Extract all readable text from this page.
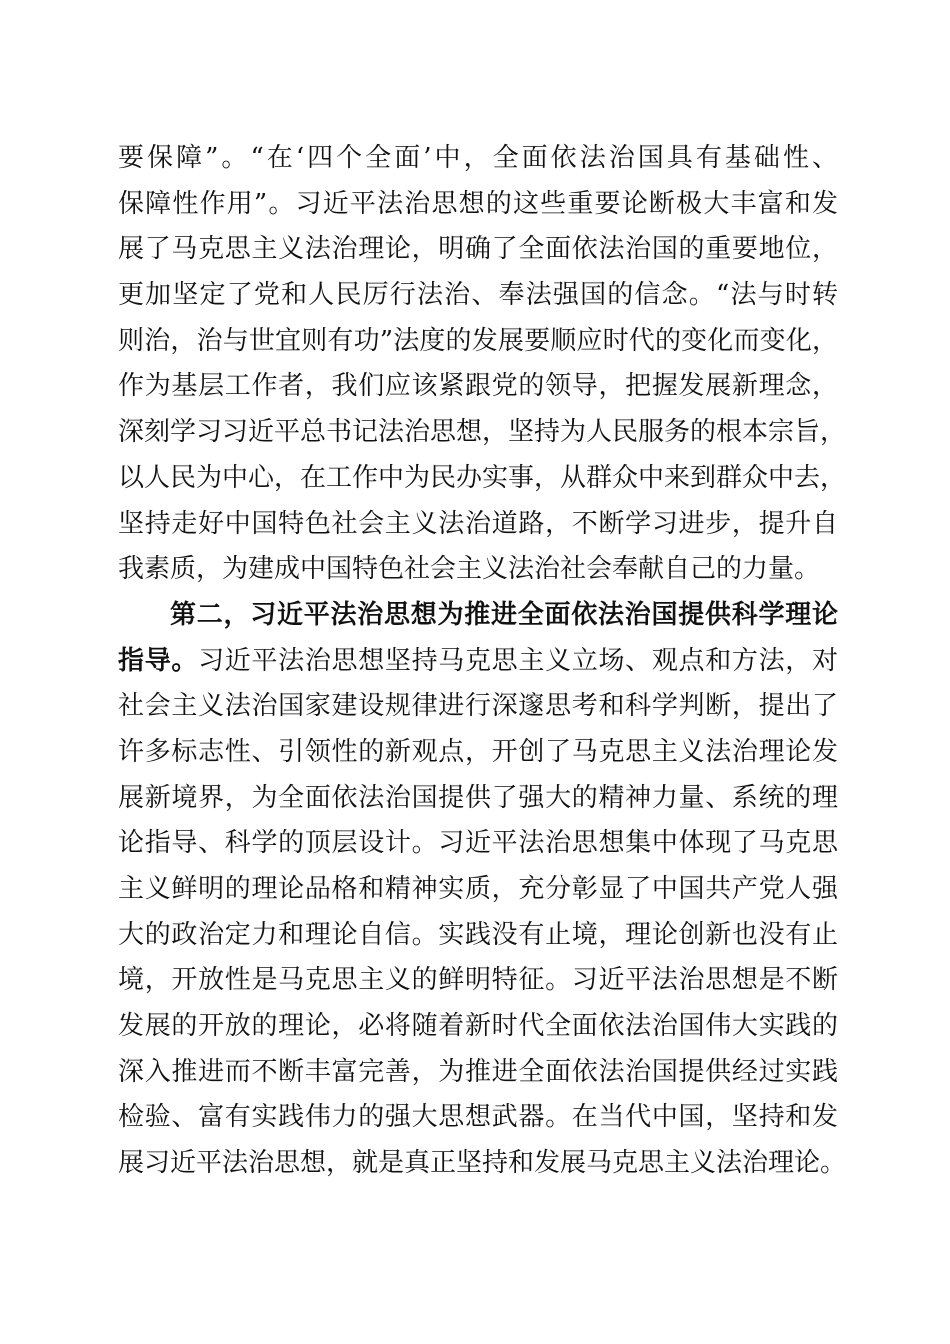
要保障”。“在‘四个全面’中，全面依法治国具有基础性、
保障性作用”。习近平法治思想的这些重要论断极大丰富和发
展了马克思主义法治理论，明确了全面依法治国的重要地位，
更加坚定了党和人民厉行法治、奉法强国的信念。“法与时转
则治，治与世宜则有功”法度的发展要顺应时代的变化而变化，
作为基层工作者，我们应该紧跟党的领导，把握发展新理念，
深刻学习习近平总书记法治思想，坚持为人民服务的根本宗旨，
以人民为中心，在工作中为民办实事，从群众中来到群众中去，
坚持走好中国特色社会主义法治道路，不断学习进步，提升自
我素质，为建成中国特色社会主义法治社会奉献自己的力量。
第二，习近平法治思想为推进全面依法治国提供科学理论
指导。习近平法治思想坚持马克思主义立场、观点和方法，对
社会主义法治国家建设规律进行深邃思考和科学判断，提出了
许多标志性、引领性的新观点，开创了马克思主义法治理论发
展新境界，为全面依法治国提供了强大的精神力量、系统的理
论指导、科学的顶层设计。习近平法治思想集中体现了马克思
主义鲜明的理论品格和精神实质，充分彰显了中国共产党人强
大的政治定力和理论自信。实践没有止境，理论创新也没有止
境，开放性是马克思主义的鲜明特征。习近平法治思想是不断
发展的开放的理论，必将随着新时代全面依法治国伟大实践的
深入推进而不断丰富完善，为推进全面依法治国提供经过实践
检验、富有实践伟力的强大思想武器。在当代中国，坚持和发
展习近平法治思想，就是真正坚持和发展马克思主义法治理论。
